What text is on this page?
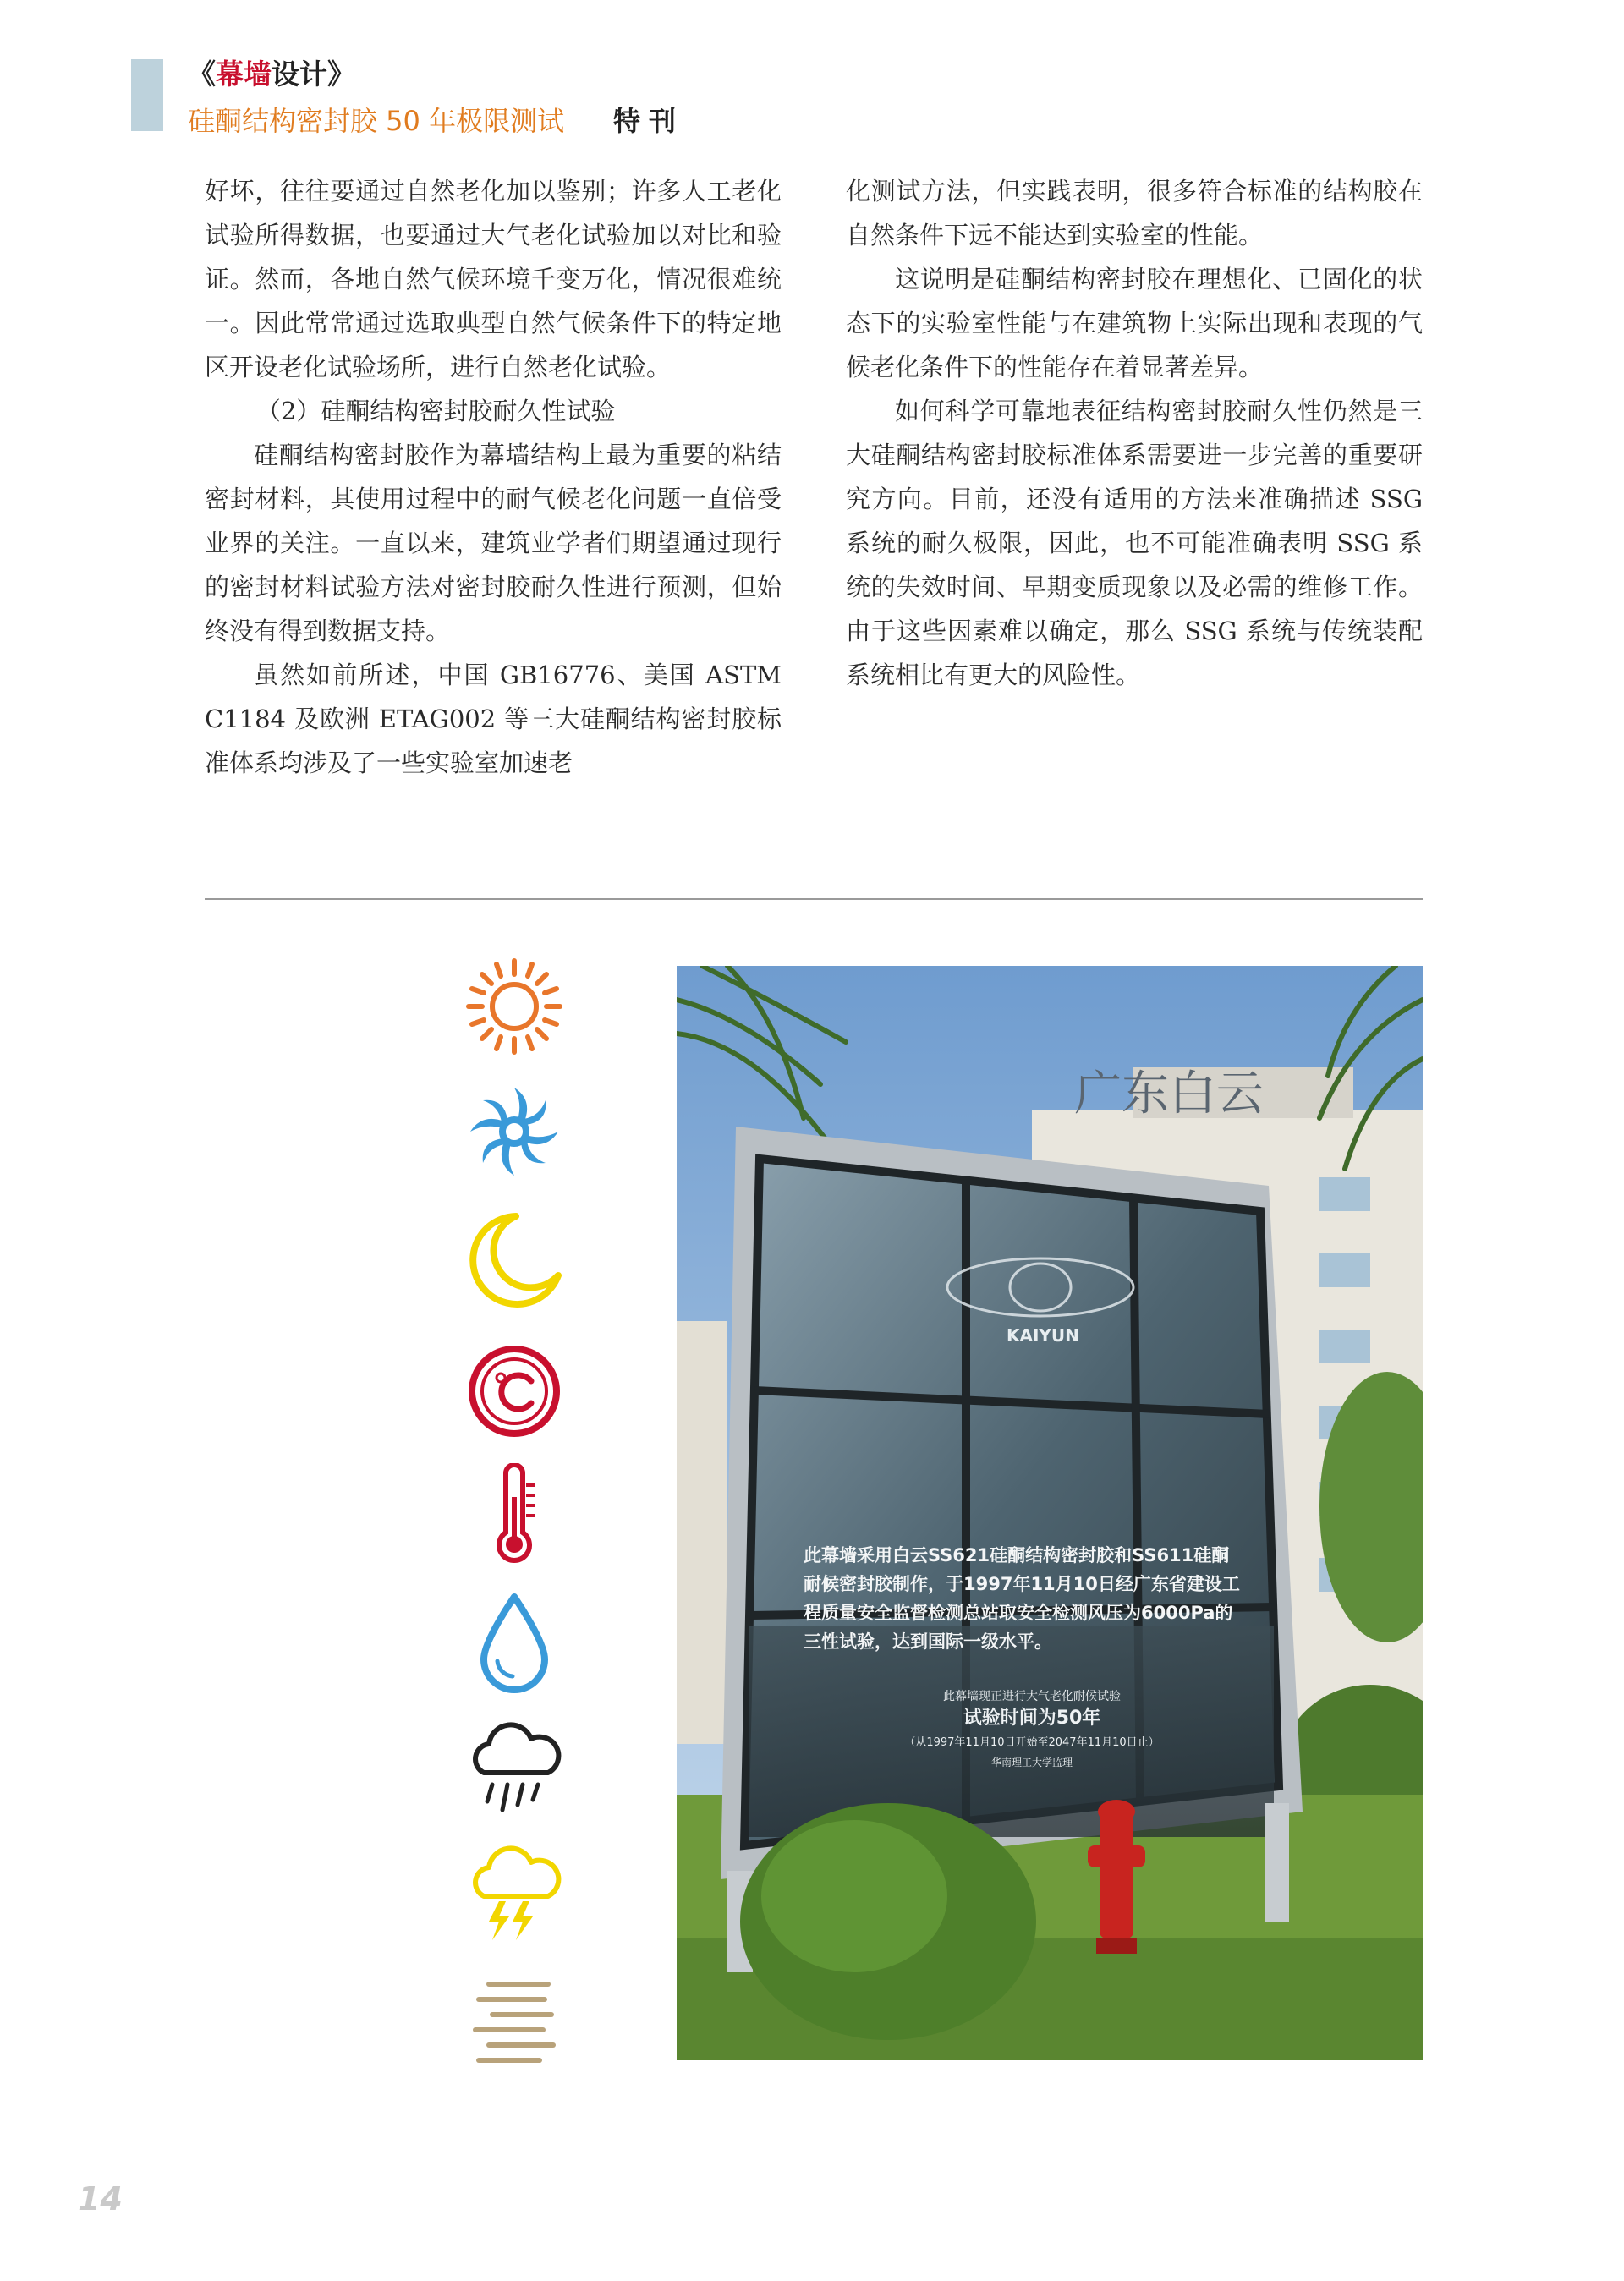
《幕墙设计》
硅酮结构密封胶 50 年极限测试 特刊

好坏，往往要通过自然老化加以鉴别；许多人工老化试验所得数据，也要通过大气老化试验加以对比和验证。然而，各地自然气候环境千变万化，情况很难统一。因此常常通过选取典型自然气候条件下的特定地区开设老化试验场所，进行自然老化试验。

（2）硅酮结构密封胶耐久性试验

硅酮结构密封胶作为幕墙结构上最为重要的粘结密封材料，其使用过程中的耐气候老化问题一直倍受业界的关注。一直以来，建筑业学者们期望通过现行的密封材料试验方法对密封胶耐久性进行预测，但始终没有得到数据支持。

虽然如前所述，中国 GB16776、美国 ASTM C1184 及欧洲 ETAG002 等三大硅酮结构密封胶标准体系均涉及了一些实验室加速老

化测试方法，但实践表明，很多符合标准的结构胶在自然条件下远不能达到实验室的性能。

这说明是硅酮结构密封胶在理想化、已固化的状态下的实验室性能与在建筑物上实际出现和表现的气候老化条件下的性能存在着显著差异。

如何科学可靠地表征结构密封胶耐久性仍然是三大硅酮结构密封胶标准体系需要进一步完善的重要研究方向。目前，还没有适用的方法来准确描述 SSG 系统的耐久极限，因此，也不可能准确表明 SSG 系统的失效时间、早期变质现象以及必需的维修工作。由于这些因素难以确定，那么 SSG 系统与传统装配系统相比有更大的风险性。

广东白云
KAIYUN
此幕墙采用白云SS621硅酮结构密封胶和SS611硅酮耐候密封胶制作，于1997年11月10日经广东省建设工程质量安全监督检测总站取安全检测风压为6000Pa的三性试验，达到国际一级水平。
此幕墙现正进行大气老化耐候试验
试验时间为50年
（从1997年11月10日开始至2047年11月10日止）
华南理工大学监理
14
